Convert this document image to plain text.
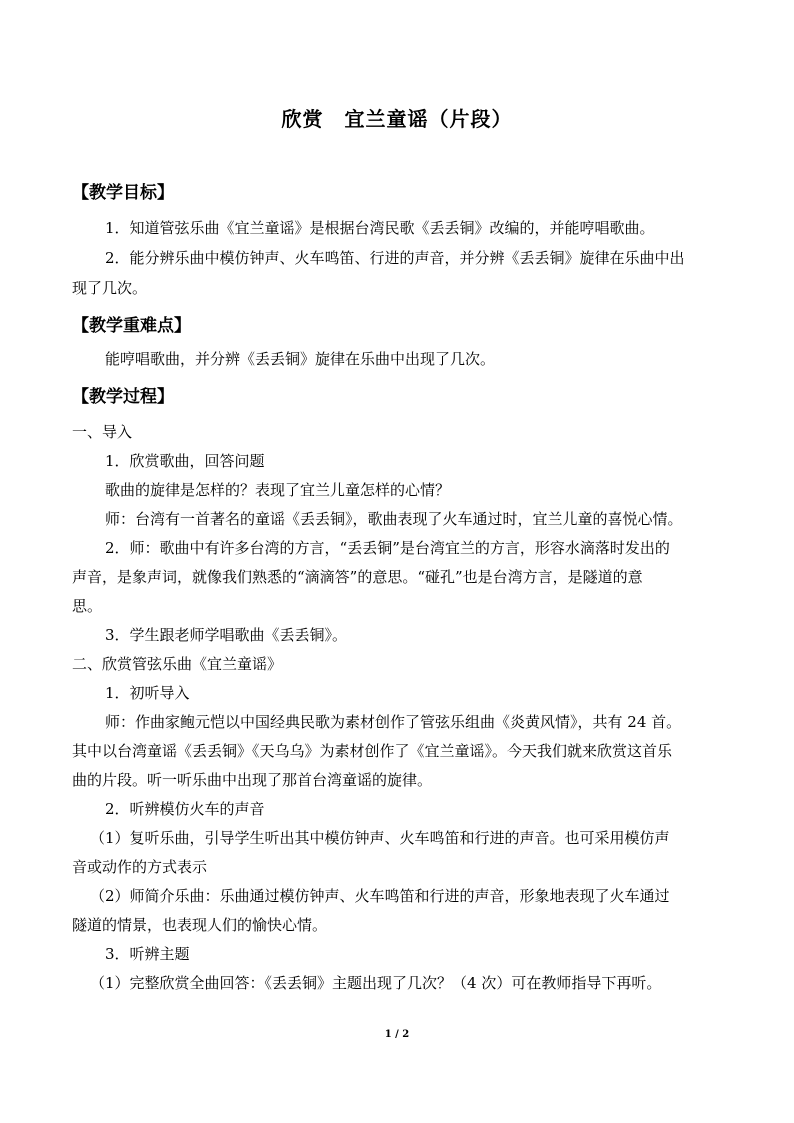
欣赏　宜兰童谣（片段）
【教学目标】
1．知道管弦乐曲《宜兰童谣》是根据台湾民歌《丢丢铜》改编的，并能哼唱歌曲。
2．能分辨乐曲中模仿钟声、火车鸣笛、行进的声音，并分辨《丢丢铜》旋律在乐曲中出
现了几次。
【教学重难点】
能哼唱歌曲，并分辨《丢丢铜》旋律在乐曲中出现了几次。
【教学过程】
一、导入
1．欣赏歌曲，回答问题
歌曲的旋律是怎样的？表现了宜兰儿童怎样的心情？
师：台湾有一首著名的童谣《丢丢铜》，歌曲表现了火车通过时，宜兰儿童的喜悦心情。
2．师：歌曲中有许多台湾的方言，“丢丢铜”是台湾宜兰的方言，形容水滴落时发出的
声音，是象声词，就像我们熟悉的“滴滴答”的意思。“碰孔”也是台湾方言，是隧道的意
思。
3．学生跟老师学唱歌曲《丢丢铜》。
二、欣赏管弦乐曲《宜兰童谣》
1．初听导入
师：作曲家鲍元恺以中国经典民歌为素材创作了管弦乐组曲《炎黄风情》，共有 24 首。
其中以台湾童谣《丢丢铜》《天乌乌》为素材创作了《宜兰童谣》。今天我们就来欣赏这首乐
曲的片段。听一听乐曲中出现了那首台湾童谣的旋律。
2．听辨模仿火车的声音
（1）复听乐曲，引导学生听出其中模仿钟声、火车鸣笛和行进的声音。也可采用模仿声
音或动作的方式表示
（2）师简介乐曲：乐曲通过模仿钟声、火车鸣笛和行进的声音，形象地表现了火车通过
隧道的情景，也表现人们的愉快心情。
3．听辨主题
（1）完整欣赏全曲回答：《丢丢铜》主题出现了几次？（4 次）可在教师指导下再听。
1 / 2
